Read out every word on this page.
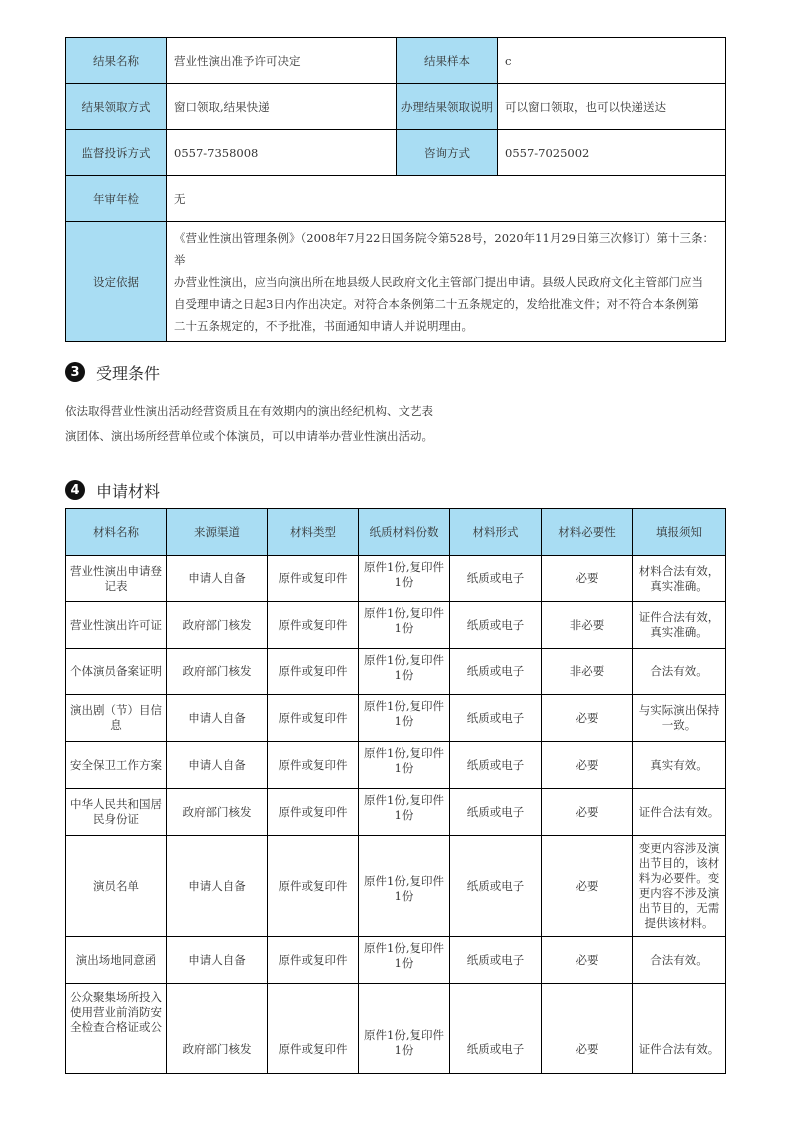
结果名称	营业性演出准予许可决定	结果样本	c
结果领取方式	窗口领取,结果快递	办理结果领取说明	可以窗口领取，也可以快递送达
监督投诉方式	0557-7358008	咨询方式	0557-7025002
年审年检	无		
设定依据	《营业性演出管理条例》（2008年7月22日国务院令第528号，2020年11月29日第三次修订）第十三条：举
办营业性演出，应当向演出所在地县级人民政府文化主管部门提出申请。县级人民政府文化主管部门应当
自受理申请之日起3日内作出决定。对符合本条例第二十五条规定的，发给批准文件；对不符合本条例第
二十五条规定的，不予批准，书面通知申请人并说明理由。		
3	受理条件
依法取得营业性演出活动经营资质且在有效期内的演出经纪机构、文艺表
演团体、演出场所经营单位或个体演员，可以申请举办营业性演出活动。
4	申请材料
材料名称	来源渠道	材料类型	纸质材料份数	材料形式	材料必要性	填报须知
营业性演出申请登记表	申请人自备	原件或复印件	原件1份,复印件1份	纸质或电子	必要	材料合法有效，真实准确。
营业性演出许可证	政府部门核发	原件或复印件	原件1份,复印件1份	纸质或电子	非必要	证件合法有效，真实准确。
个体演员备案证明	政府部门核发	原件或复印件	原件1份,复印件1份	纸质或电子	非必要	合法有效。
演出剧（节）目信息	申请人自备	原件或复印件	原件1份,复印件1份	纸质或电子	必要	与实际演出保持一致。
安全保卫工作方案	申请人自备	原件或复印件	原件1份,复印件1份	纸质或电子	必要	真实有效。
中华人民共和国居民身份证	政府部门核发	原件或复印件	原件1份,复印件1份	纸质或电子	必要	证件合法有效。
演员名单	申请人自备	原件或复印件	原件1份,复印件1份	纸质或电子	必要	变更内容涉及演出节目的，该材料为必要件。变更内容不涉及演出节目的，无需提供该材料。
演出场地同意函	申请人自备	原件或复印件	原件1份,复印件1份	纸质或电子	必要	合法有效。
公众聚集场所投入使用营业前消防安全检查合格证或公	政府部门核发	原件或复印件	原件1份,复印件1份	纸质或电子	必要	证件合法有效。
